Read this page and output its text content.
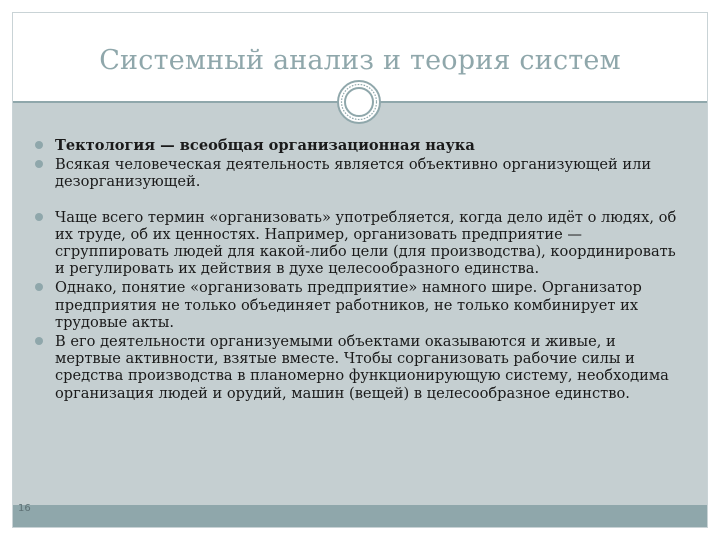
Системный анализ и теория систем
Тектология — всеобщая организационная наука
Всякая человеческая деятельность является объективно организующей или дезорганизующей.
Чаще всего термин «организовать» употребляется, когда дело идёт о людях, об их труде, об их ценностях. Например, организовать предприятие — сгруппировать людей для какой-либо цели (для производства), координировать и регулировать их действия в духе целесообразного единства.
Однако, понятие «организовать предприятие» намного шире. Организатор предприятия не только объединяет работников, не только комбинирует их трудовые акты.
В его деятельности организуемыми объектами оказываются и живые, и мертвые активности, взятые вместе. Чтобы сорганизовать рабочие силы и средства производства в планомерно функционирующую систему, необходима организация людей и орудий, машин (вещей) в целесообразное единство.
16
